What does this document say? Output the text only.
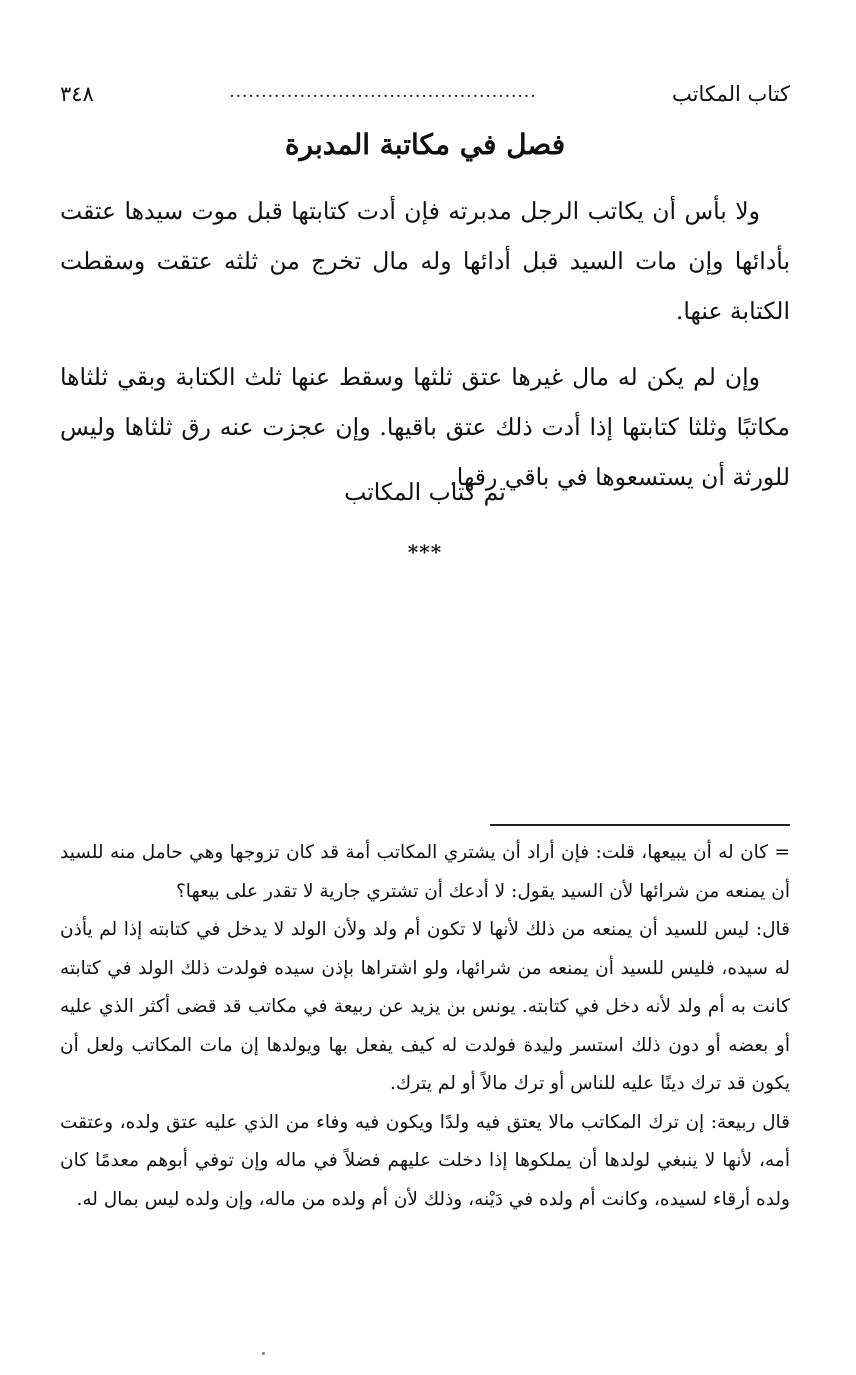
كتاب المكاتب
................................................
٣٤٨
فصل في مكاتبة المدبرة

ولا بأس أن يكاتب الرجل مدبرته فإن أدت كتابتها قبل موت سيدها عتقت بأدائها وإن مات السيد قبل أدائها وله مال تخرج من ثلثه عتقت وسقطت الكتابة عنها.

وإن لم يكن له مال غيرها عتق ثلثها وسقط عنها ثلث الكتابة وبقي ثلثاها مكاتبًا وثلثا كتابتها إذا أدت ذلك عتق باقيها. وإن عجزت عنه رق ثلثاها وليس للورثة أن يستسعوها في باقي رقها.

تم كتاب المكاتب
***

= كان له أن يبيعها، قلت: فإن أراد أن يشتري المكاتب أمة قد كان تزوجها وهي حامل منه للسيد أن يمنعه من شرائها لأن السيد يقول: لا أدعك أن تشتري جارية لا تقدر على بيعها؟

قال: ليس للسيد أن يمنعه من ذلك لأنها لا تكون أم ولد ولأن الولد لا يدخل في كتابته إذا لم يأذن له سيده، فليس للسيد أن يمنعه من شرائها، ولو اشتراها بإذن سيده فولدت ذلك الولد في كتابته كانت به أم ولد لأنه دخل في كتابته. يونس بن يزيد عن ربيعة في مكاتب قد قضى أكثر الذي عليه أو بعضه أو دون ذلك استسر وليدة فولدت له كيف يفعل بها ويولدها إن مات المكاتب ولعل أن يكون قد ترك دينًا عليه للناس أو ترك مالاً أو لم يترك.

قال ربيعة: إن ترك المكاتب مالا يعتق فيه ولدًا ويكون فيه وفاء من الذي عليه عتق ولده، وعتقت أمه، لأنها لا ينبغي لولدها أن يملكوها إذا دخلت عليهم فضلاً في ماله وإن توفي أبوهم معدمًا كان ولده أرقاء لسيده، وكانت أم ولده في دَيْنه، وذلك لأن أم ولده من ماله، وإن ولده ليس بمال له.
